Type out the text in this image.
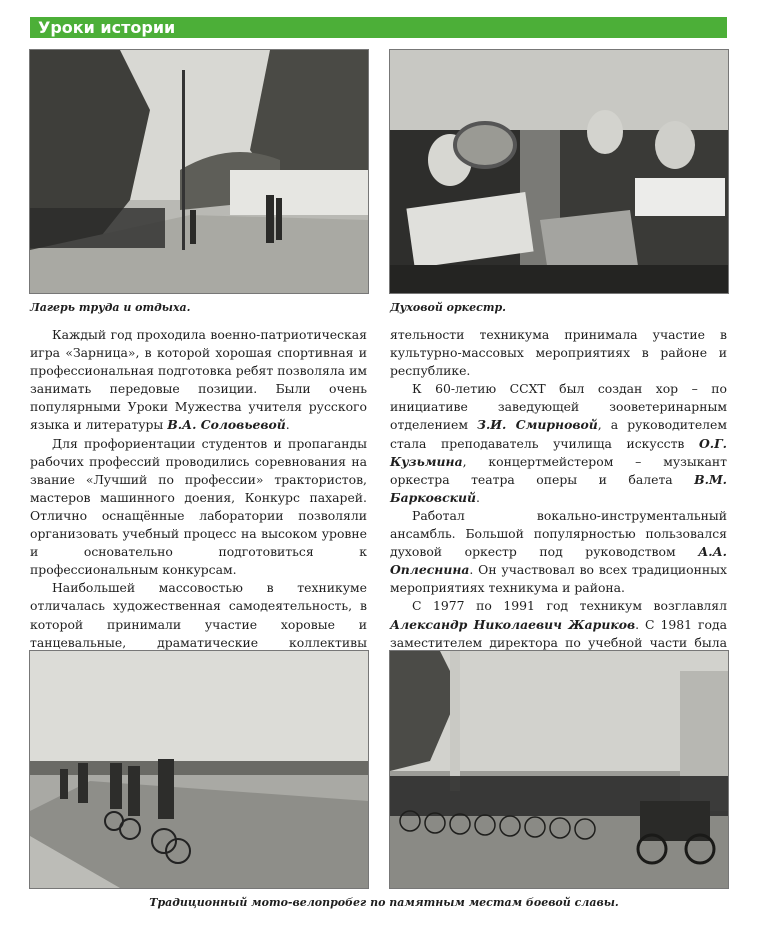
Уроки истории
Лагерь труда и отдыха.	Духовой оркестр.

Каждый год проходила военно-патриотическая игра «Зарница», в которой хорошая спортивная и профессиональная подготовка ребят позволяла им занимать передовые позиции. Были очень популярными Уроки Мужества учителя русского языка и литературы В.А. Соловьевой.

Для профориентации студентов и пропаганды рабочих профессий проводились соревнования на звание «Лучший по профессии» трактористов, мастеров машинного доения, Конкурс пахарей. Отлично оснащённые лаборатории позволяли организовать учебный процесс на высоком уровне и основательно подготовиться к профессиональным конкурсам.

Наибольшей массовостью в техникуме отличалась художественная самодеятельность, в которой принимали участие хоровые и танцевальные, драматические коллективы

ятельности техникума принимала участие в культурно-массовых мероприятиях в районе и республике.

К 60-летию ССХТ был создан хор – по инициативе заведующей зооветеринарным отделением З.И. Смирновой, а руководителем стала преподаватель училища искусств О.Г. Кузьмина, концертмейстером – музыкант оркестра театра оперы и балета В.М. Барковский.

Работал вокально-инструментальный ансамбль. Большой популярностью пользовался духовой оркестр под руководством А.А. Оплеснина. Он участвовал во всех традиционных мероприятиях техникума и района.

С 1977 по 1991 год техникум возглавлял Александр Николаевич Жариков. С 1981 года заместителем директора по учебной части была

Традиционный мото-велопробег по памятным местам боевой славы.
